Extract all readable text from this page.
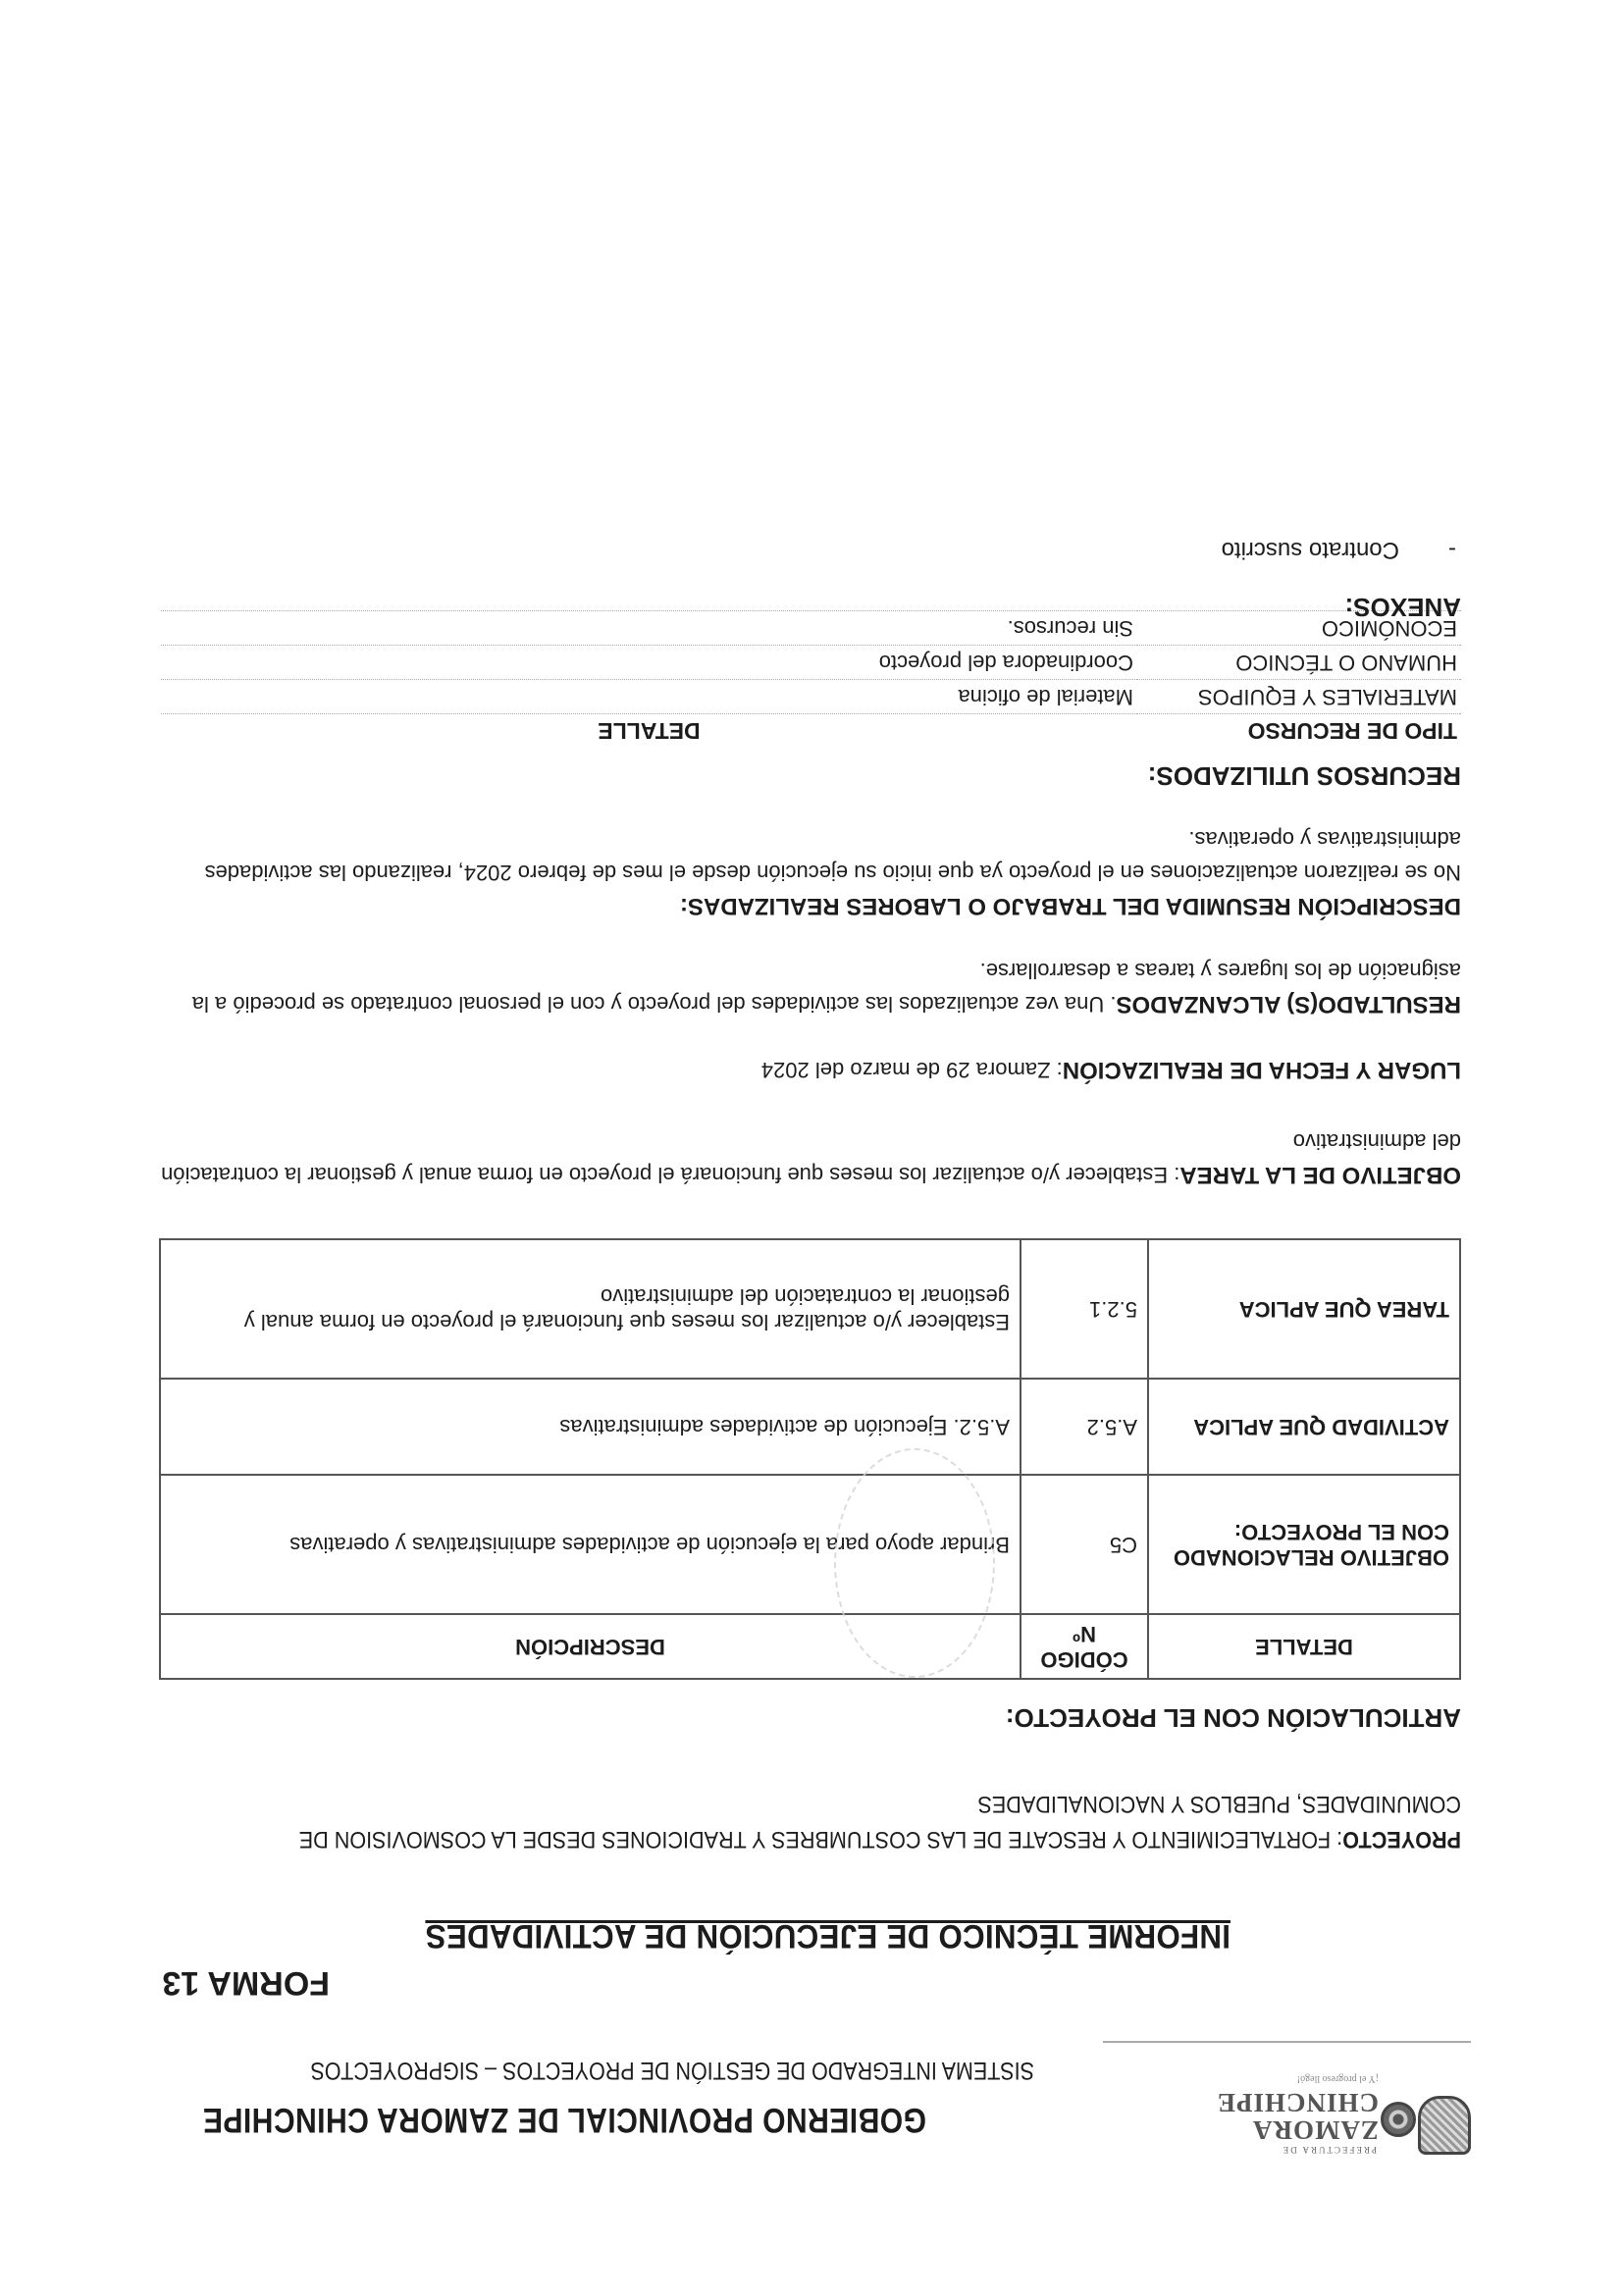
PREFECTURA DE
ZAMORA
CHINCHIPE
¡Y el progreso llegó!
GOBIERNO PROVINCIAL DE ZAMORA CHINCHIPE
SISTEMA INTEGRADO DE GESTIÓN DE PROYECTOS – SIGPROYECTOS
FORMA 13
INFORME TÉCNICO DE EJECUCIÓN DE ACTIVIDADES
PROYECTO: FORTALECIMIENTO Y RESCATE DE LAS COSTUMBRES Y TRADICIONES DESDE LA COSMOVISION DE
COMUNIDADES, PUEBLOS Y NACIONALIDADES
ARTICULACIÓN CON EL PROYECTO:
DETALLE	CÓDIGO Nº	DESCRIPCIÓN
OBJETIVO RELACIONADO CON EL PROYECTO:	C5	Brindar apoyo para la ejecución de actividades administrativas y operativas
ACTIVIDAD QUE APLICA	A.5.2	A.5.2. Ejecución de actividades administrativas
TAREA QUE APLICA	5.2.1	Establecer y/o actualizar los meses que funcionará el proyecto en forma anual y gestionar la contratación del administrativo
OBJETIVO DE LA TAREA: Establecer y/o actualizar los meses que funcionará el proyecto en forma anual y gestionar la contratación del administrativo
LUGAR Y FECHA DE REALIZACIÓN: Zamora 29 de marzo del 2024
RESULTADO(S) ALCANZADOS. Una vez actualizados las actividades del proyecto y con el personal contratado se procedió a la asignación de los lugares y tareas a desarrollarse.
DESCRIPCIÓN RESUMIDA DEL TRABAJO O LABORES REALIZADAS:
No se realizaron actualizaciones en el proyecto ya que inicio su ejecución desde el mes de febrero 2024, realizando las actividades administrativas y operativas.
RECURSOS UTILIZADOS:
TIPO DE RECURSO	DETALLE
MATERIALES Y EQUIPOS	Material de oficina
HUMANO O TÉCNICO	Coordinadora del proyecto
ECONÓMICO	Sin recursos.
ANEXOS:
-
Contrato suscrito
